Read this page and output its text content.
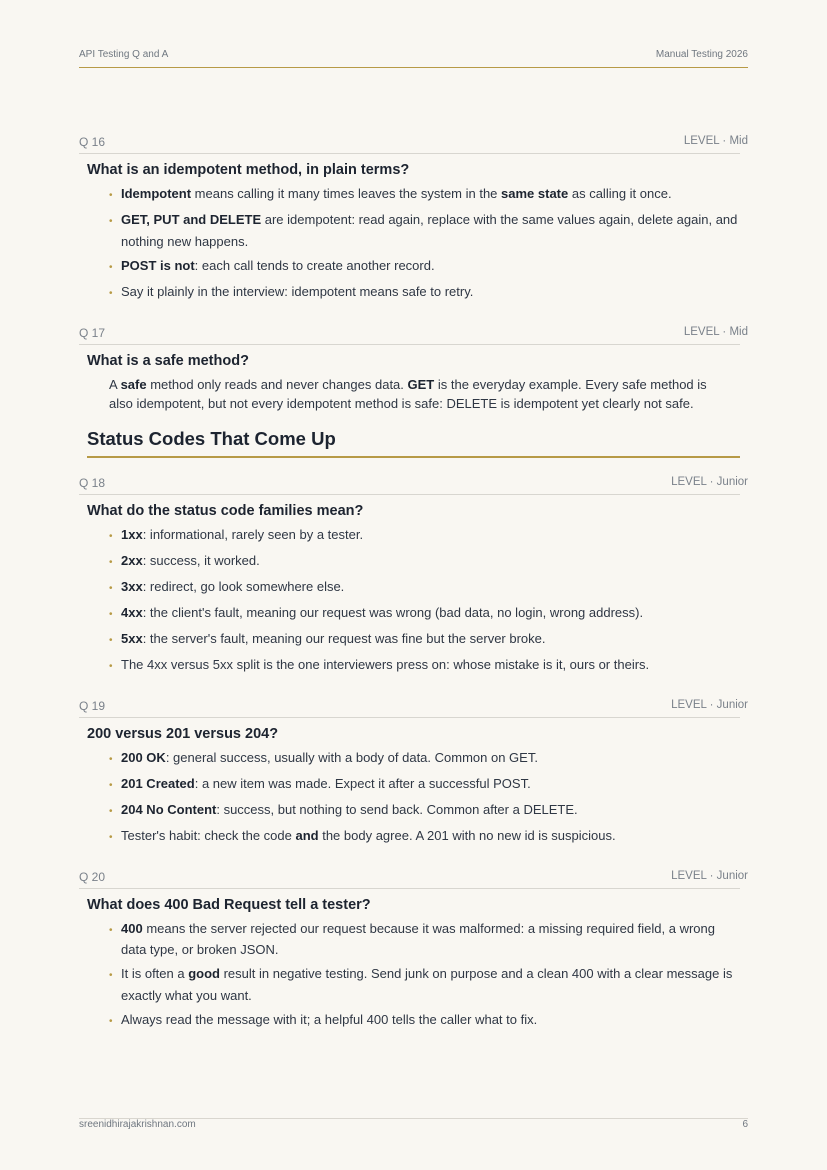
API Testing Q and A	Manual Testing 2026
Q 16	LEVEL · Mid
What is an idempotent method, in plain terms?
• Idempotent means calling it many times leaves the system in the same state as calling it once.
• GET, PUT and DELETE are idempotent: read again, replace with the same values again, delete again, and nothing new happens.
• POST is not: each call tends to create another record.
• Say it plainly in the interview: idempotent means safe to retry.
Q 17	LEVEL · Mid
What is a safe method?

A safe method only reads and never changes data. GET is the everyday example. Every safe method is also idempotent, but not every idempotent method is safe: DELETE is idempotent yet clearly not safe.

Status Codes That Come Up
Q 18	LEVEL · Junior
What do the status code families mean?
• 1xx: informational, rarely seen by a tester.
• 2xx: success, it worked.
• 3xx: redirect, go look somewhere else.
• 4xx: the client's fault, meaning our request was wrong (bad data, no login, wrong address).
• 5xx: the server's fault, meaning our request was fine but the server broke.
• The 4xx versus 5xx split is the one interviewers press on: whose mistake is it, ours or theirs.
Q 19	LEVEL · Junior
200 versus 201 versus 204?
• 200 OK: general success, usually with a body of data. Common on GET.
• 201 Created: a new item was made. Expect it after a successful POST.
• 204 No Content: success, but nothing to send back. Common after a DELETE.
• Tester's habit: check the code and the body agree. A 201 with no new id is suspicious.
Q 20	LEVEL · Junior
What does 400 Bad Request tell a tester?
• 400 means the server rejected our request because it was malformed: a missing required field, a wrong data type, or broken JSON.
• It is often a good result in negative testing. Send junk on purpose and a clean 400 with a clear message is exactly what you want.
• Always read the message with it; a helpful 400 tells the caller what to fix.
sreenidhirajakrishnan.com	6
